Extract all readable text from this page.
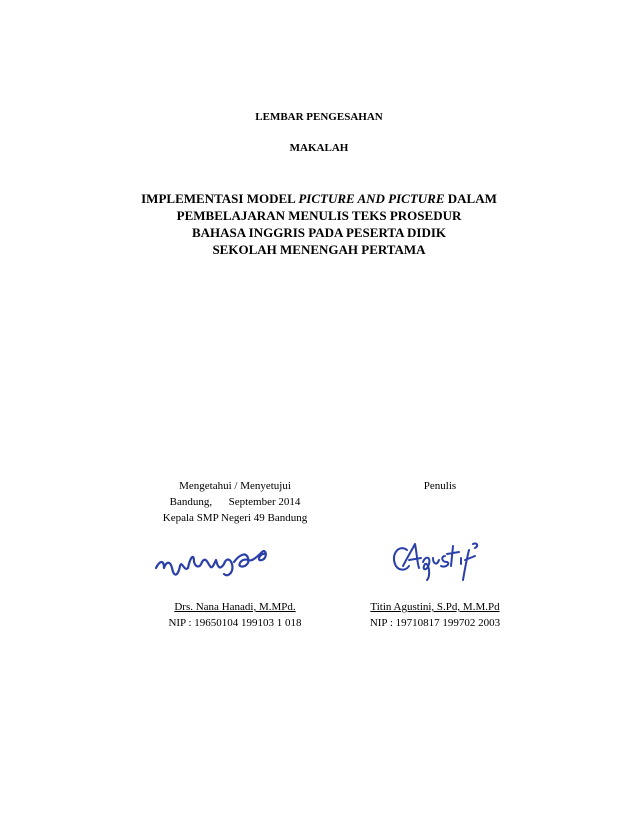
LEMBAR PENGESAHAN
MAKALAH
IMPLEMENTASI MODEL PICTURE AND PICTURE DALAM
PEMBELAJARAN MENULIS TEKS PROSEDUR
BAHASA INGGRIS PADA PESERTA DIDIK
SEKOLAH MENENGAH PERTAMA
Mengetahui / Menyetujui
Bandung,      September 2014
Kepala SMP Negeri 49 Bandung
Drs. Nana Hanadi, M.MPd.
NIP : 19650104 199103 1 018
Penulis
Titin Agustini, S.Pd, M.M.Pd
NIP : 19710817 199702 2003
